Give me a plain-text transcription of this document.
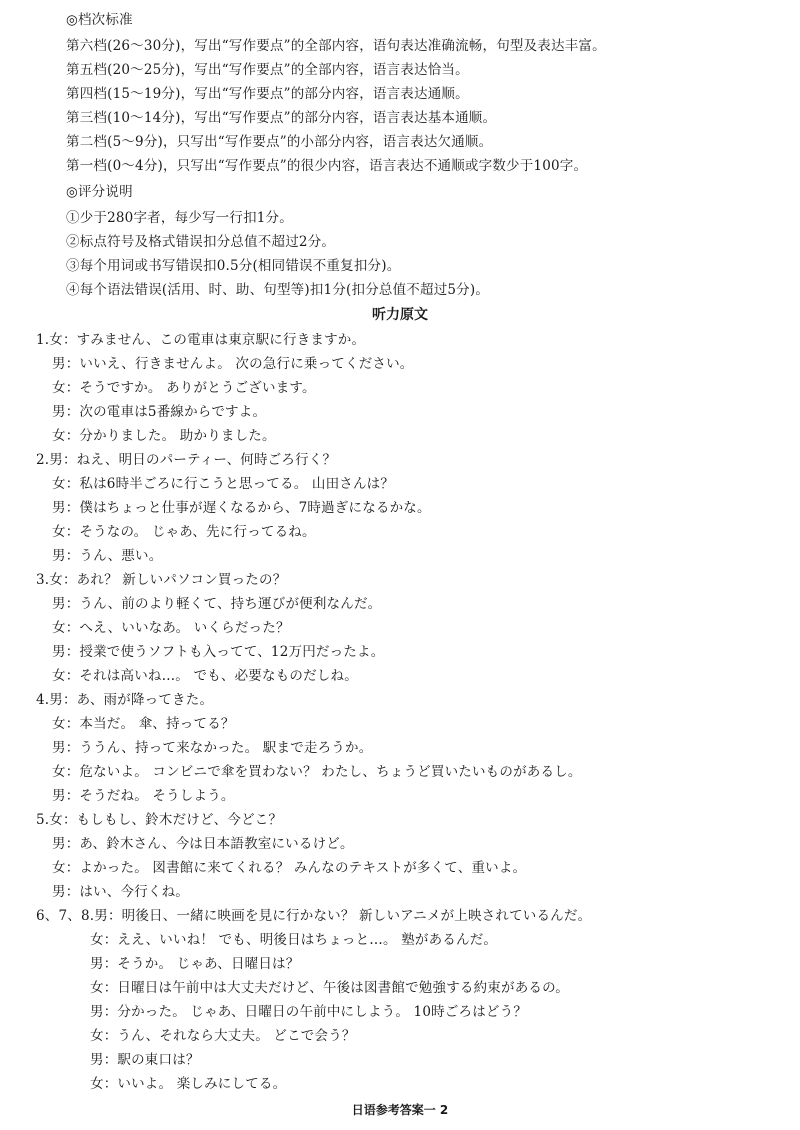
◎档次标准
第六档(26～30分)，写出“写作要点”的全部内容，语句表达准确流畅，句型及表达丰富。
第五档(20～25分)，写出“写作要点”的全部内容，语言表达恰当。
第四档(15～19分)，写出“写作要点”的部分内容，语言表达通顺。
第三档(10～14分)，写出“写作要点”的部分内容，语言表达基本通顺。
第二档(5～9分)，只写出“写作要点”的小部分内容，语言表达欠通顺。
第一档(0～4分)，只写出“写作要点”的很少内容，语言表达不通顺或字数少于100字。
◎评分说明
①少于280字者，每少写一行扣1分。
②标点符号及格式错误扣分总值不超过2分。
③每个用词或书写错误扣0.5分(相同错误不重复扣分)。
④每个语法错误(活用、时、助、句型等)扣1分(扣分总值不超过5分)。
听力原文
1.女：すみません、この電車は東京駅に行きますか。
男：いいえ、行きませんよ。 次の急行に乗ってください。
女：そうですか。 ありがとうございます。
男：次の電車は5番線からですよ。
女：分かりました。 助かりました。
2.男：ねえ、明日のパーティー、何時ごろ行く？
女：私は6時半ごろに行こうと思ってる。 山田さんは？
男：僕はちょっと仕事が遅くなるから、7時過ぎになるかな。
女：そうなの。 じゃあ、先に行ってるね。
男：うん、悪い。
3.女：あれ？ 新しいパソコン買ったの？
男：うん、前のより軽くて、持ち運びが便利なんだ。
女：へえ、いいなあ。 いくらだった？
男：授業で使うソフトも入ってて、12万円だったよ。
女：それは高いね…。 でも、必要なものだしね。
4.男：あ、雨が降ってきた。
女：本当だ。 傘、持ってる？
男：ううん、持って来なかった。 駅まで走ろうか。
女：危ないよ。 コンビニで傘を買わない？ わたし、ちょうど買いたいものがあるし。
男：そうだね。 そうしよう。
5.女：もしもし、鈴木だけど、今どこ？
男：あ、鈴木さん、今は日本語教室にいるけど。
女：よかった。 図書館に来てくれる？ みんなのテキストが多くて、重いよ。
男：はい、今行くね。
6、7、8.男：明後日、一緒に映画を見に行かない？ 新しいアニメが上映されているんだ。
女：ええ、いいね！ でも、明後日はちょっと…。 塾があるんだ。
男：そうか。 じゃあ、日曜日は？
女：日曜日は午前中は大丈夫だけど、午後は図書館で勉強する約束があるの。
男：分かった。 じゃあ、日曜日の午前中にしよう。 10時ごろはどう？
女：うん、それなら大丈夫。 どこで会う？
男：駅の東口は？
女：いいよ。 楽しみにしてる。
日语参考答案一 2
